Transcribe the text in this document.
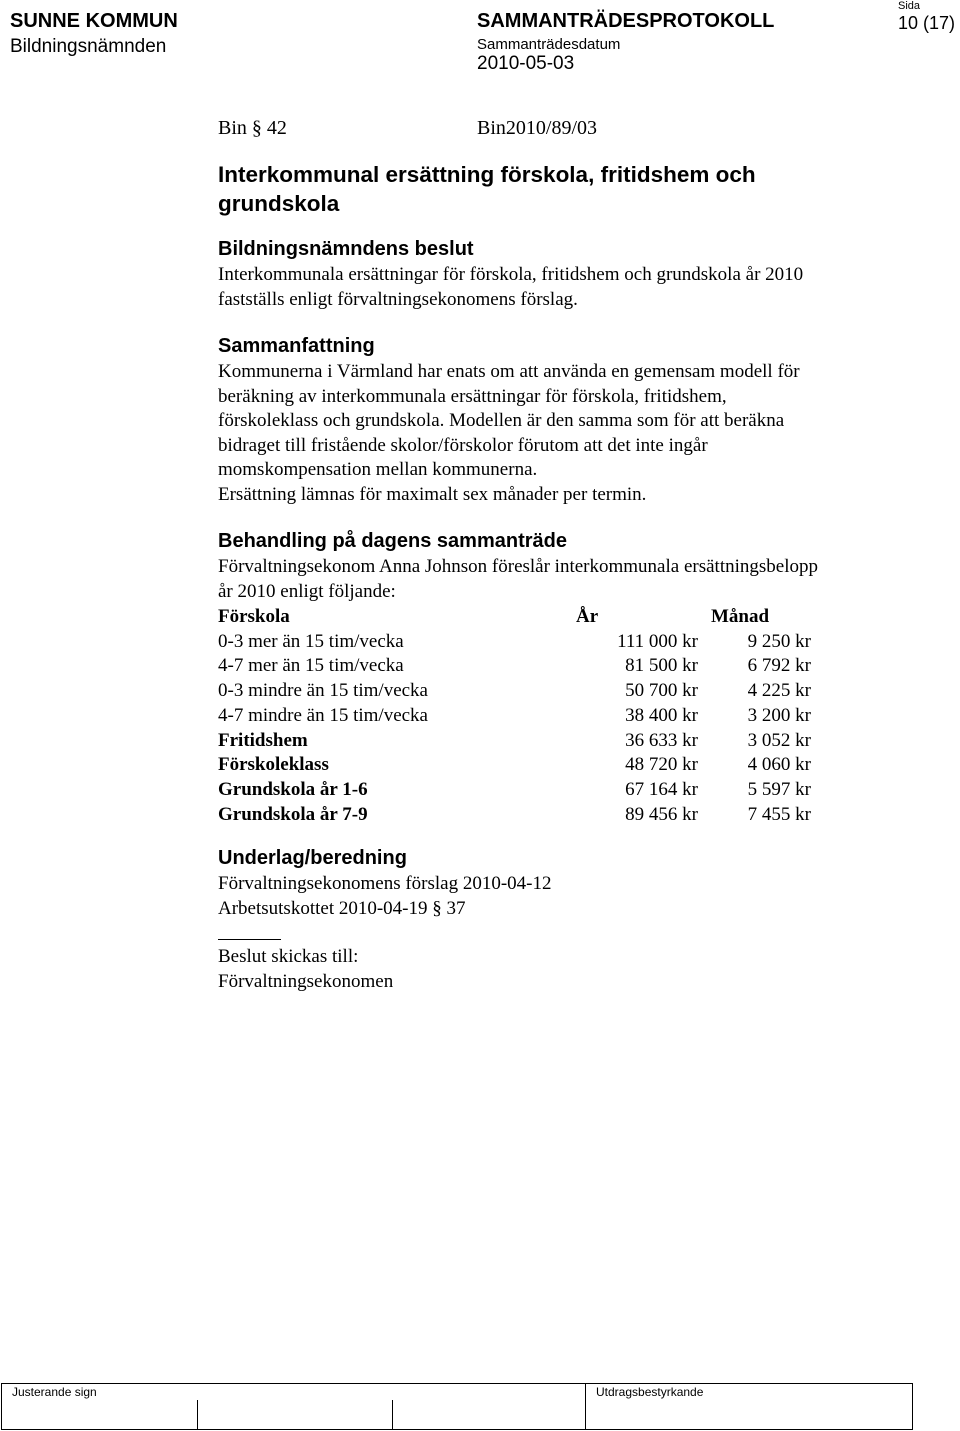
SUNNE KOMMUN
Bildningsnämnden
SAMMANTRÄDESPROTOKOLL
Sammanträdesdatum
2010-05-03
Sida
10 (17)
Bin § 42	Bin2010/89/03
Interkommunal ersättning förskola, fritidshem och grundskola
Bildningsnämndens beslut
Interkommunala ersättningar för förskola, fritidshem och grundskola år 2010
fastställs enligt förvaltningsekonomens förslag.
Sammanfattning
Kommunerna i Värmland har enats om att använda en gemensam modell för
beräkning av interkommunala ersättningar för förskola, fritidshem,
förskoleklass och grundskola. Modellen är den samma som för att beräkna
bidraget till fristående skolor/förskolor förutom att det inte ingår
momskompensation mellan kommunerna.
Ersättning lämnas för maximalt sex månader per termin.
Behandling på dagens sammanträde
Förvaltningsekonom Anna Johnson föreslår interkommunala ersättningsbelopp
år 2010 enligt följande:
Förskola	År	Månad
0-3 mer än 15 tim/vecka	111 000 kr	9 250 kr
4-7 mer än 15 tim/vecka	81 500 kr	6 792 kr
0-3 mindre än 15 tim/vecka	50 700 kr	4 225 kr
4-7 mindre än 15 tim/vecka	38 400 kr	3 200 kr
Fritidshem	36 633 kr	3 052 kr
Förskoleklass	48 720 kr	4 060 kr
Grundskola år 1-6	67 164 kr	5 597 kr
Grundskola år 7-9	89 456 kr	7 455 kr
Underlag/beredning
Förvaltningsekonomens förslag 2010-04-12
Arbetsutskottet 2010-04-19 § 37
Beslut skickas till:
Förvaltningsekonomen
Justerande sign	Utdragsbestyrkande
